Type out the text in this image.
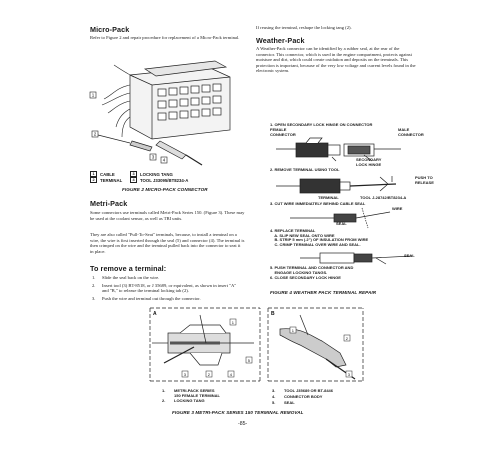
Micro-Pack
Refer to Figure 2 and repair procedure for replacement of a Micro-Pack terminal.
1
2
3
4
1	CABLE	3	LOCKING TANG
2	TERMINAL	4	TOOL J33095/BT8234-A
FIGURE 2 MICRO-PACK CONNECTOR
Metri-Pack
Some connectors use terminals called Metri-Pack Series 150. (Figure 3). These may be used at the coolant sensor, as well as TBI units.
They are also called "Pull-To-Seat" terminals, because, to install a terminal on a wire, the wire is first inserted through the seal (5) and connector (4). The terminal is then crimped on the wire and the terminal pulled back into the connector to seat it in place.
To remove a terminal:
1.	Slide the seal back on the wire.
2.	Insert tool (3) BT-8518, or J 35689, or equivalent, as shown in insert "A" and "B," to release the terminal locking tab (2).
3.	Push the wire and terminal out through the connector.
If reusing the terminal, reshape the locking tang (2).
Weather-Pack
A Weather-Pack connector can be identified by a rubber seal, at the rear of the connector. This connector, which is used in the engine compartment, protects against moisture and dirt, which could create oxidation and deposits on the terminals. This protection is important, because of the very low voltage and current levels found in the electronic system.
1. OPEN SECONDARY LOCK HINGE ON CONNECTOR
FEMALE
CONNECTOR
MALE
CONNECTOR
SECONDARY
LOCK HINGE
2. REMOVE TERMINAL USING TOOL
PUSH TO
RELEASE
TERMINAL	TOOL J-28742/BT8234-A
3. CUT WIRE IMMEDIATELY BEHIND CABLE SEAL
WIRE
SEAL
4. REPLACE TERMINAL
A. SLIP NEW SEAL ONTO WIRE
B. STRIP 5 mm (.2") OF INSULATION FROM WIRE
C. CRIMP TERMINAL OVER WIRE AND SEAL.
SEAL
5. PUSH TERMINAL AND CONNECTOR AND
ENGAGE LOCKING TANGS.
6. CLOSE SECONDARY LOCK HINGE
FIGURE 4 WEATHER PACK TERMINAL REPAIR
A	B
1
2
3	4
5
1
2
3
1.	METRI-PACK SERIES
150 FEMALE TERMINAL
2.	LOCKING TANG
3.	TOOL J35689 OR BT-8446
4.	CONNECTOR BODY
5.	SEAL
FIGURE 3 METRI-PACK SERIES 150 TERMINAL REMOVAL
-85-
